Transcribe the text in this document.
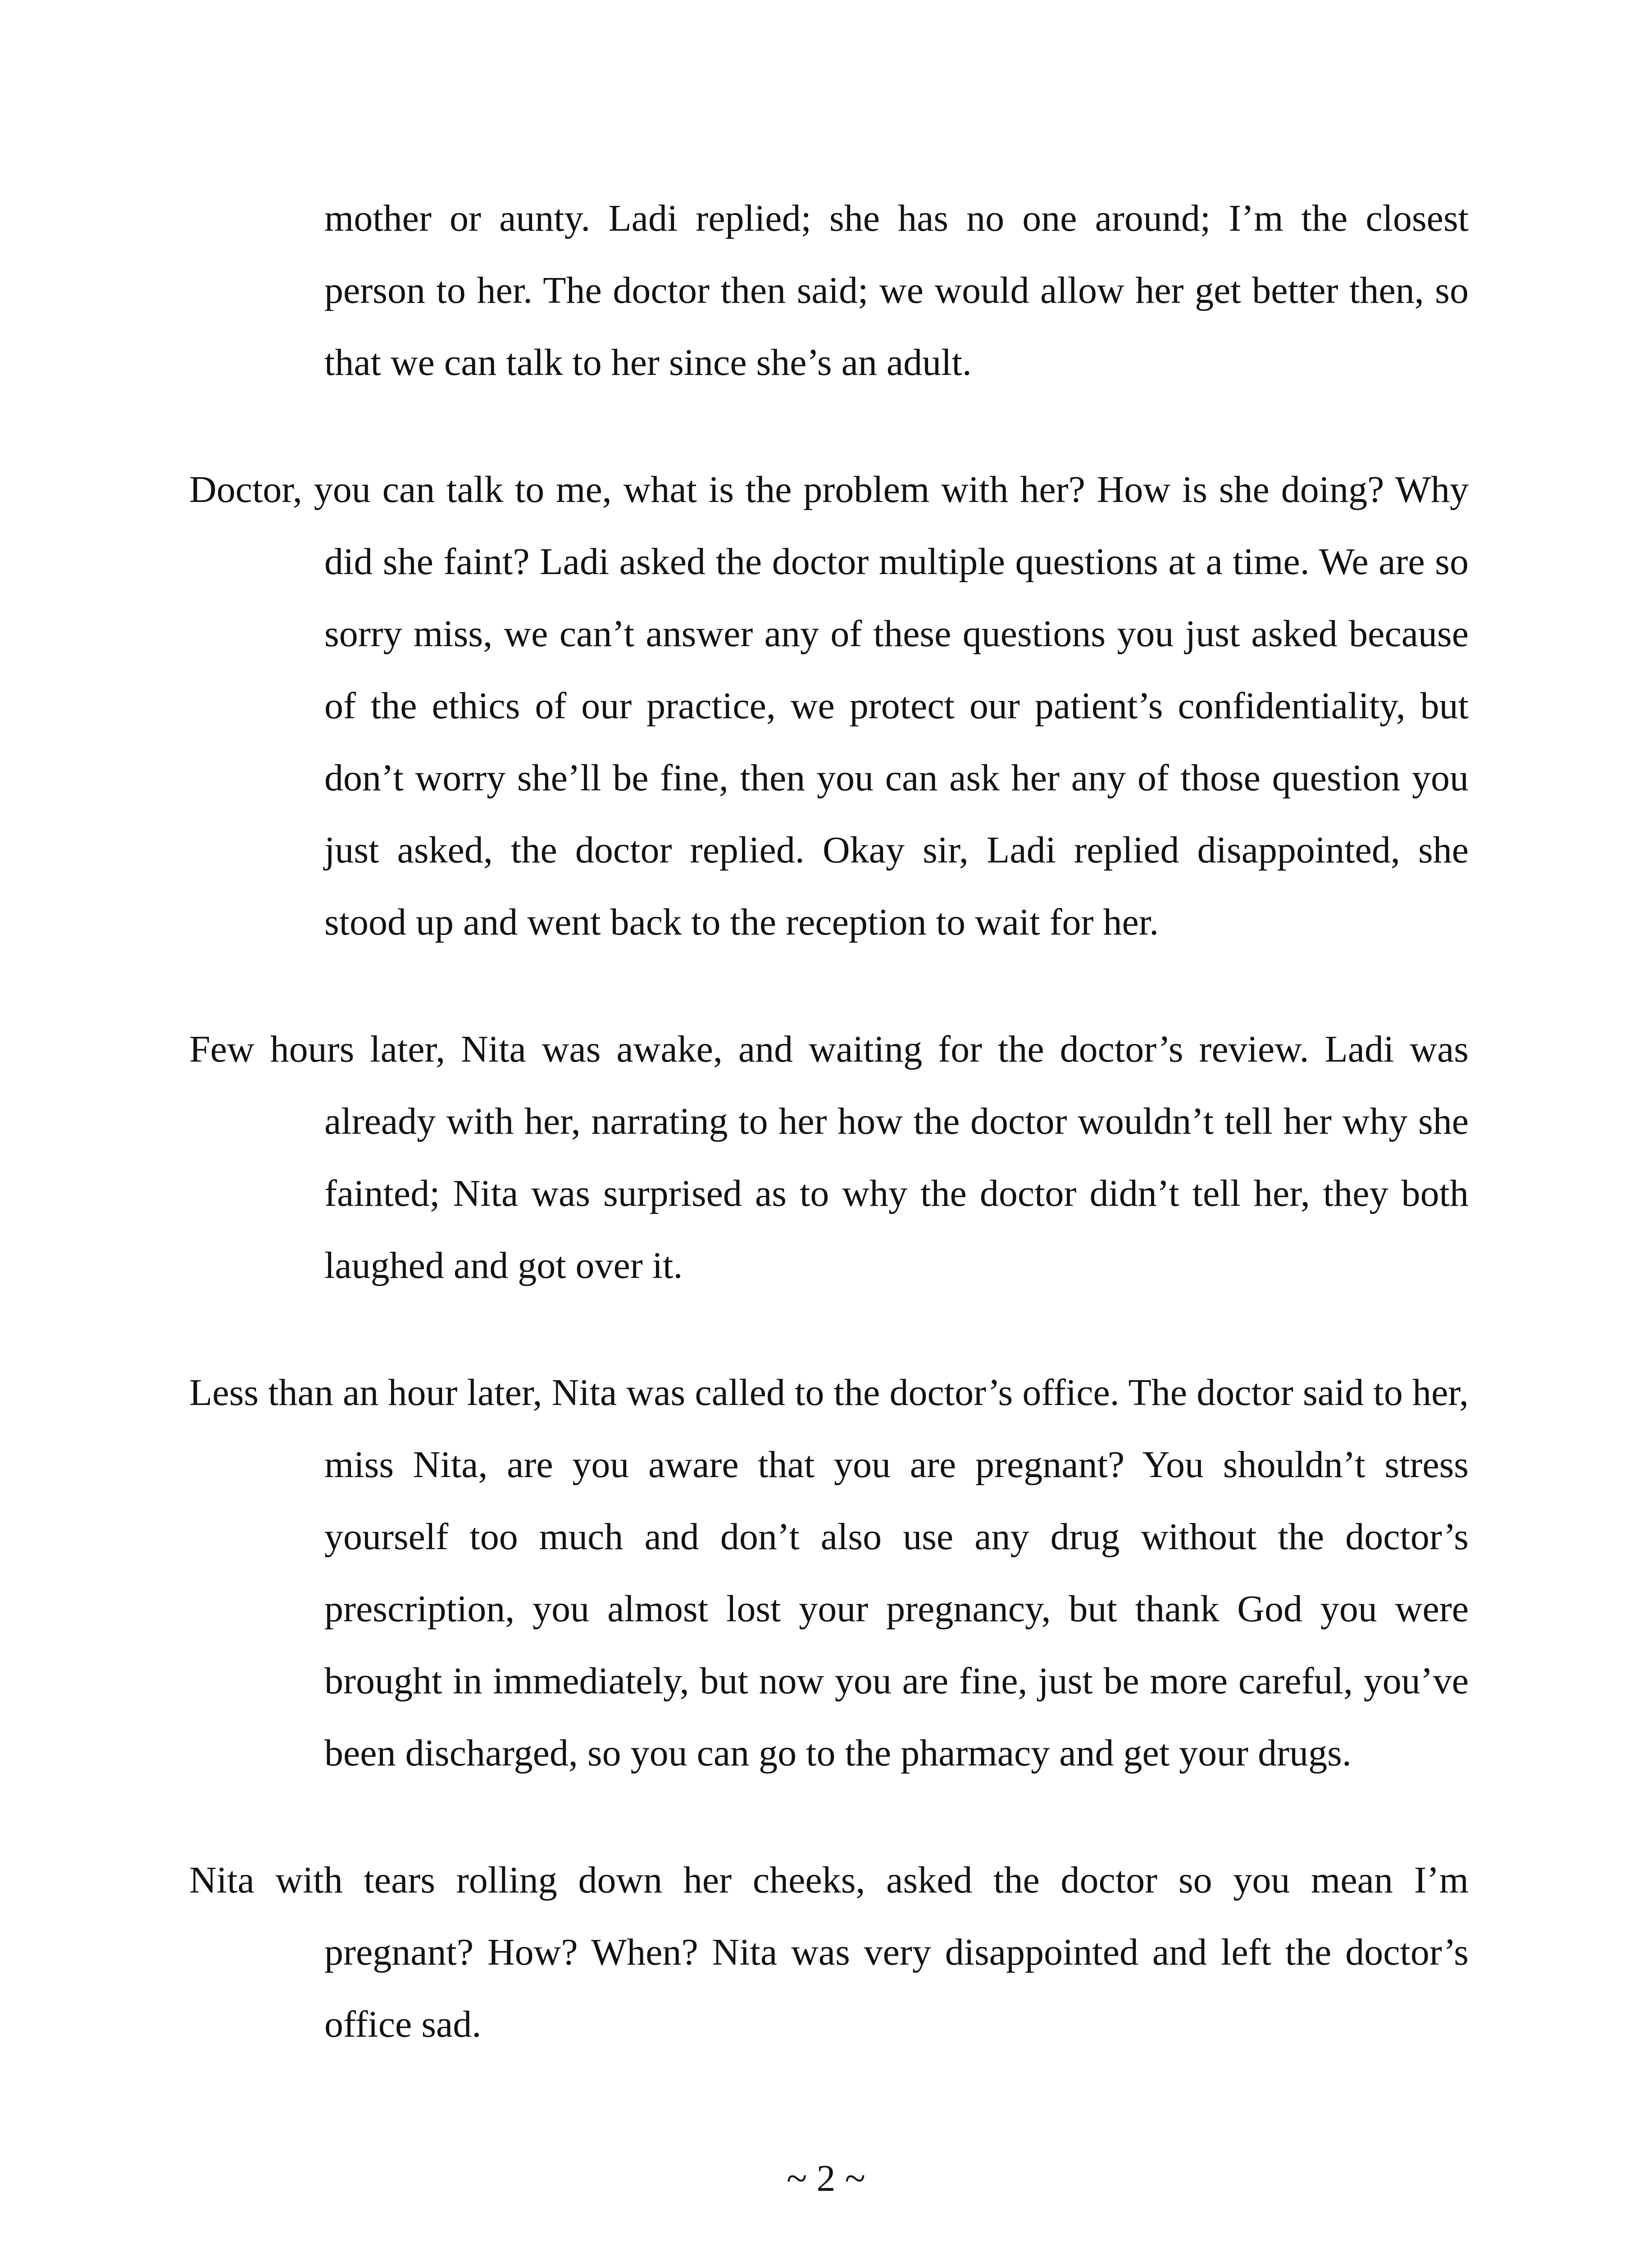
mother or aunty. Ladi replied; she has no one around; I’m the closest person to her. The doctor then said; we would allow her get better then, so that we can talk to her since she’s an adult.

Doctor, you can talk to me, what is the problem with her? How is she doing? Why did she faint? Ladi asked the doctor multiple questions at a time. We are so sorry miss, we can’t answer any of these questions you just asked because of the ethics of our practice, we protect our patient’s confidentiality, but don’t worry she’ll be fine, then you can ask her any of those question you just asked, the doctor replied. Okay sir, Ladi replied disappointed, she stood up and went back to the reception to wait for her.

Few hours later, Nita was awake, and waiting for the doctor’s review. Ladi was already with her, narrating to her how the doctor wouldn’t tell her why she fainted; Nita was surprised as to why the doctor didn’t tell her, they both laughed and got over it.

Less than an hour later, Nita was called to the doctor’s office. The doctor said to her, miss Nita, are you aware that you are pregnant? You shouldn’t stress yourself too much and don’t also use any drug without the doctor’s prescription, you almost lost your pregnancy, but thank God you were brought in immediately, but now you are fine, just be more careful, you’ve been discharged, so you can go to the pharmacy and get your drugs.

Nita with tears rolling down her cheeks, asked the doctor so you mean I’m pregnant? How? When? Nita was very disappointed and left the doctor’s office sad.

~ 2 ~
